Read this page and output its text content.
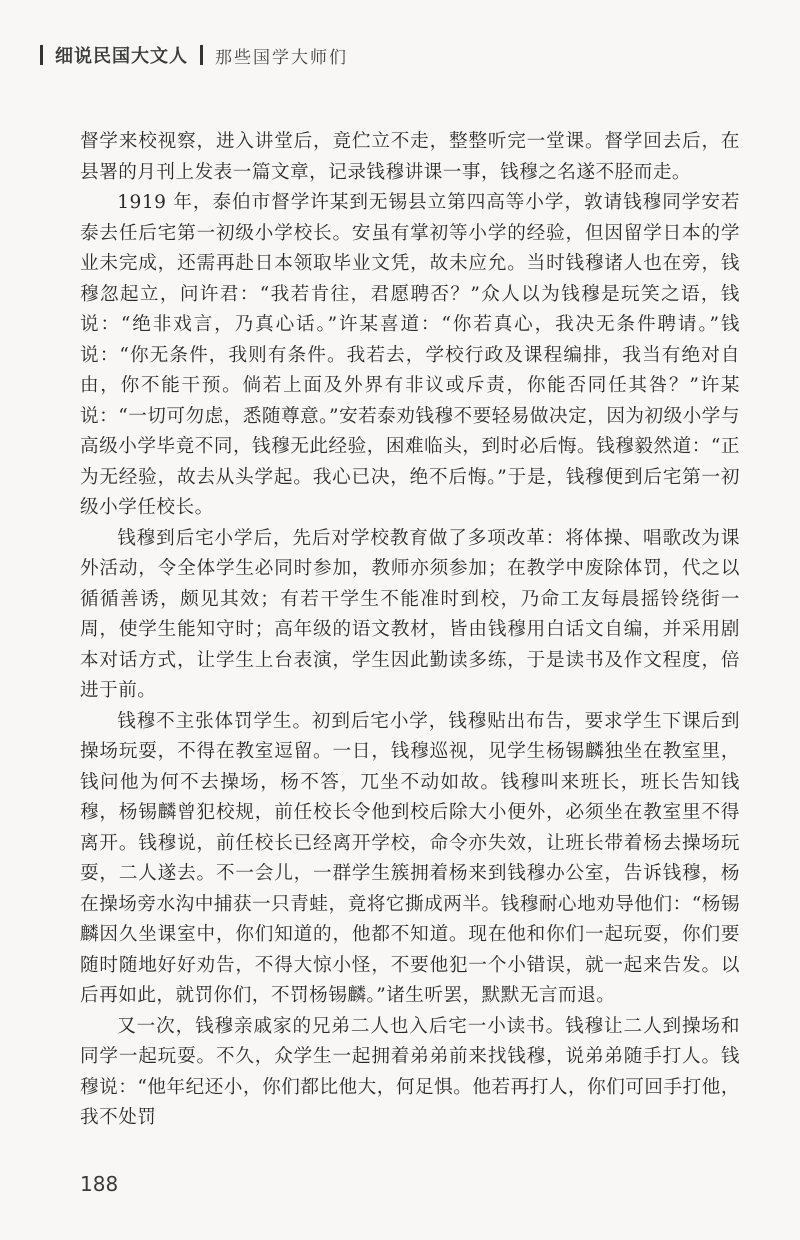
细说民国大文人 那些国学大师们

督学来校视察，进入讲堂后，竟伫立不走，整整听完一堂课。督学回去后，在县署的月刊上发表一篇文章，记录钱穆讲课一事，钱穆之名遂不胫而走。

1919 年，泰伯市督学许某到无锡县立第四高等小学，敦请钱穆同学安若泰去任后宅第一初级小学校长。安虽有掌初等小学的经验，但因留学日本的学业未完成，还需再赴日本领取毕业文凭，故未应允。当时钱穆诸人也在旁，钱穆忽起立，问许君：“我若肯往，君愿聘否？”众人以为钱穆是玩笑之语，钱说：“绝非戏言，乃真心话。”许某喜道：“你若真心，我决无条件聘请。”钱说：“你无条件，我则有条件。我若去，学校行政及课程编排，我当有绝对自由，你不能干预。倘若上面及外界有非议或斥责，你能否同任其咎？”许某说：“一切可勿虑，悉随尊意。”安若泰劝钱穆不要轻易做决定，因为初级小学与高级小学毕竟不同，钱穆无此经验，困难临头，到时必后悔。钱穆毅然道：“正为无经验，故去从头学起。我心已决，绝不后悔。”于是，钱穆便到后宅第一初级小学任校长。

钱穆到后宅小学后，先后对学校教育做了多项改革：将体操、唱歌改为课外活动，令全体学生必同时参加，教师亦须参加；在教学中废除体罚，代之以循循善诱，颇见其效；有若干学生不能准时到校，乃命工友每晨摇铃绕街一周，使学生能知守时；高年级的语文教材，皆由钱穆用白话文自编，并采用剧本对话方式，让学生上台表演，学生因此勤读多练，于是读书及作文程度，倍进于前。

钱穆不主张体罚学生。初到后宅小学，钱穆贴出布告，要求学生下课后到操场玩耍，不得在教室逗留。一日，钱穆巡视，见学生杨锡麟独坐在教室里，钱问他为何不去操场，杨不答，兀坐不动如故。钱穆叫来班长，班长告知钱穆，杨锡麟曾犯校规，前任校长令他到校后除大小便外，必须坐在教室里不得离开。钱穆说，前任校长已经离开学校，命令亦失效，让班长带着杨去操场玩耍，二人遂去。不一会儿，一群学生簇拥着杨来到钱穆办公室，告诉钱穆，杨在操场旁水沟中捕获一只青蛙，竟将它撕成两半。钱穆耐心地劝导他们：“杨锡麟因久坐课室中，你们知道的，他都不知道。现在他和你们一起玩耍，你们要随时随地好好劝告，不得大惊小怪，不要他犯一个小错误，就一起来告发。以后再如此，就罚你们，不罚杨锡麟。”诸生听罢，默默无言而退。

又一次，钱穆亲戚家的兄弟二人也入后宅一小读书。钱穆让二人到操场和同学一起玩耍。不久，众学生一起拥着弟弟前来找钱穆，说弟弟随手打人。钱穆说：“他年纪还小，你们都比他大，何足惧。他若再打人，你们可回手打他，我不处罚

188
